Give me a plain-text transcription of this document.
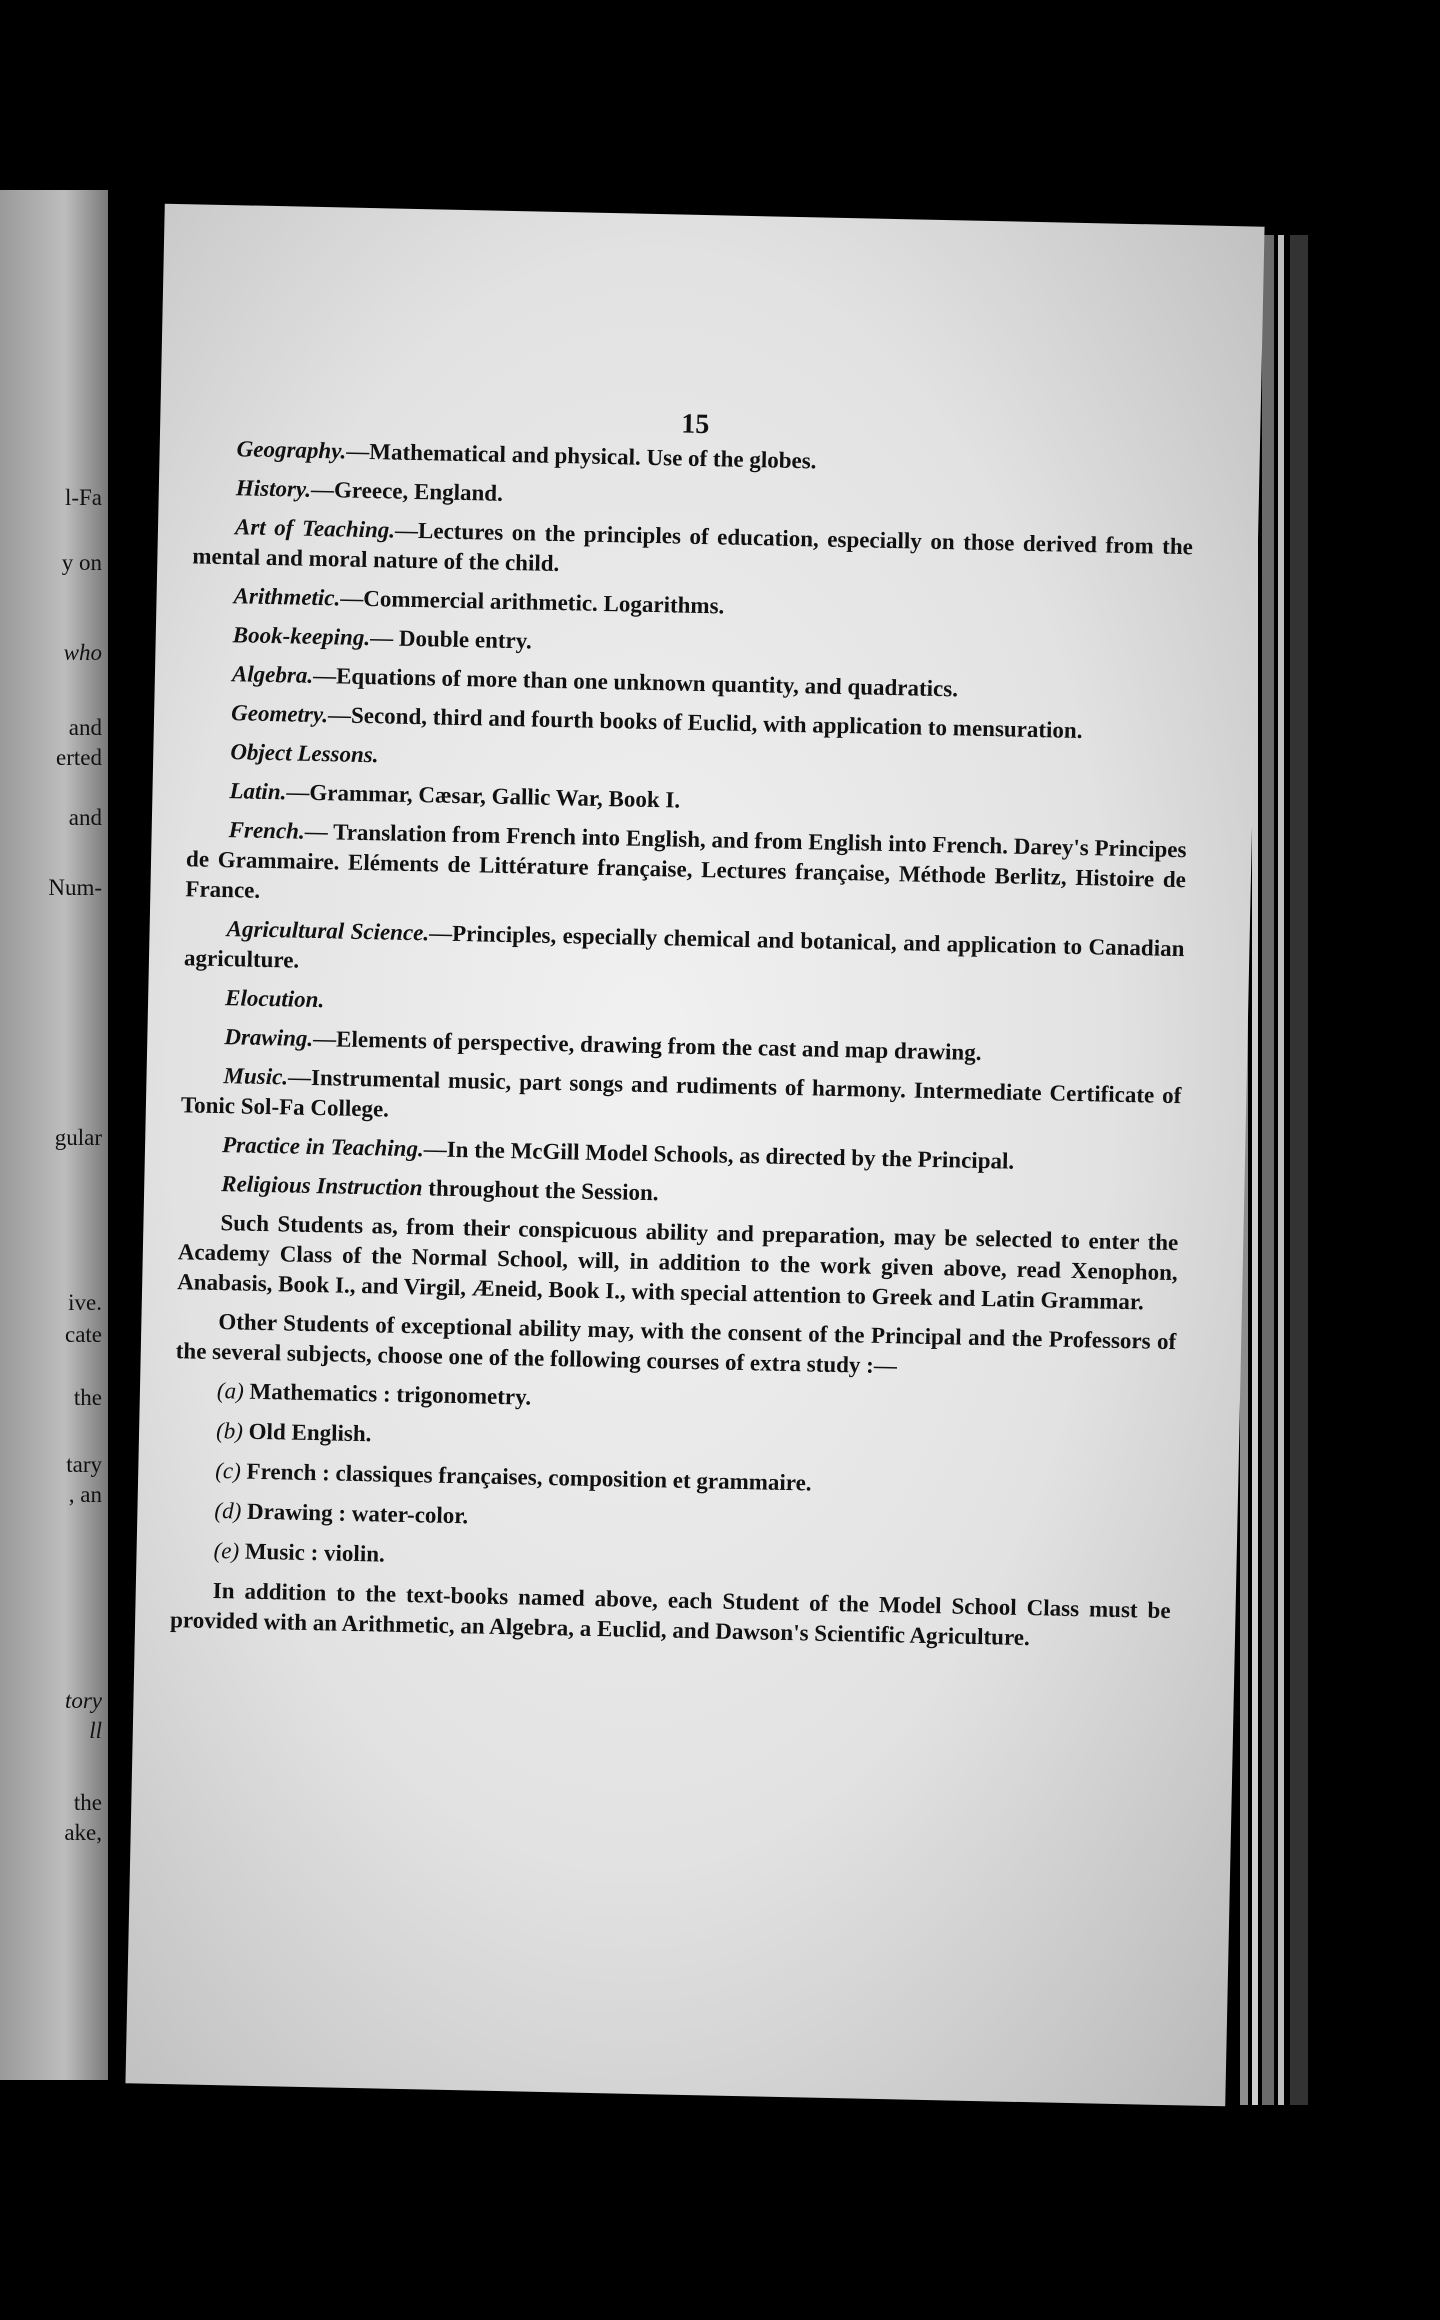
l-Fa
y on
who
and
erted
and
Num-
gular
ive.
cate
the
tary
, an
tory
ll
the
ake,
15

Geography.—Mathematical and physical. Use of the globes.

History.—Greece, England.

Art of Teaching.—Lectures on the principles of education, especially on those derived from the mental and moral nature of the child.

Arithmetic.—Commercial arithmetic. Logarithms.

Book-keeping.— Double entry.

Algebra.—Equations of more than one unknown quantity, and quadratics.

Geometry.—Second, third and fourth books of Euclid, with application to mensuration.

Object Lessons.

Latin.—Grammar, Cæsar, Gallic War, Book I.

French.— Translation from French into English, and from English into French. Darey's Principes de Grammaire. Eléments de Littérature française, Lectures française, Méthode Berlitz, Histoire de France.

Agricultural Science.—Principles, especially chemical and botanical, and application to Canadian agriculture.

Elocution.

Drawing.—Elements of perspective, drawing from the cast and map drawing.

Music.—Instrumental music, part songs and rudiments of harmony. Intermediate Certificate of Tonic Sol-Fa College.

Practice in Teaching.—In the McGill Model Schools, as directed by the Principal.

Religious Instruction throughout the Session.

Such Students as, from their conspicuous ability and preparation, may be selected to enter the Academy Class of the Normal School, will, in addition to the work given above, read Xenophon, Anabasis, Book I., and Virgil, Æneid, Book I., with special attention to Greek and Latin Grammar.

Other Students of exceptional ability may, with the consent of the Principal and the Professors of the several subjects, choose one of the following courses of extra study :—

(a) Mathematics : trigonometry.
(b) Old English.
(c) French : classiques françaises, composition et grammaire.
(d) Drawing : water-color.
(e) Music : violin.

In addition to the text-books named above, each Student of the Model School Class must be provided with an Arithmetic, an Algebra, a Euclid, and Dawson's Scientific Agriculture.
